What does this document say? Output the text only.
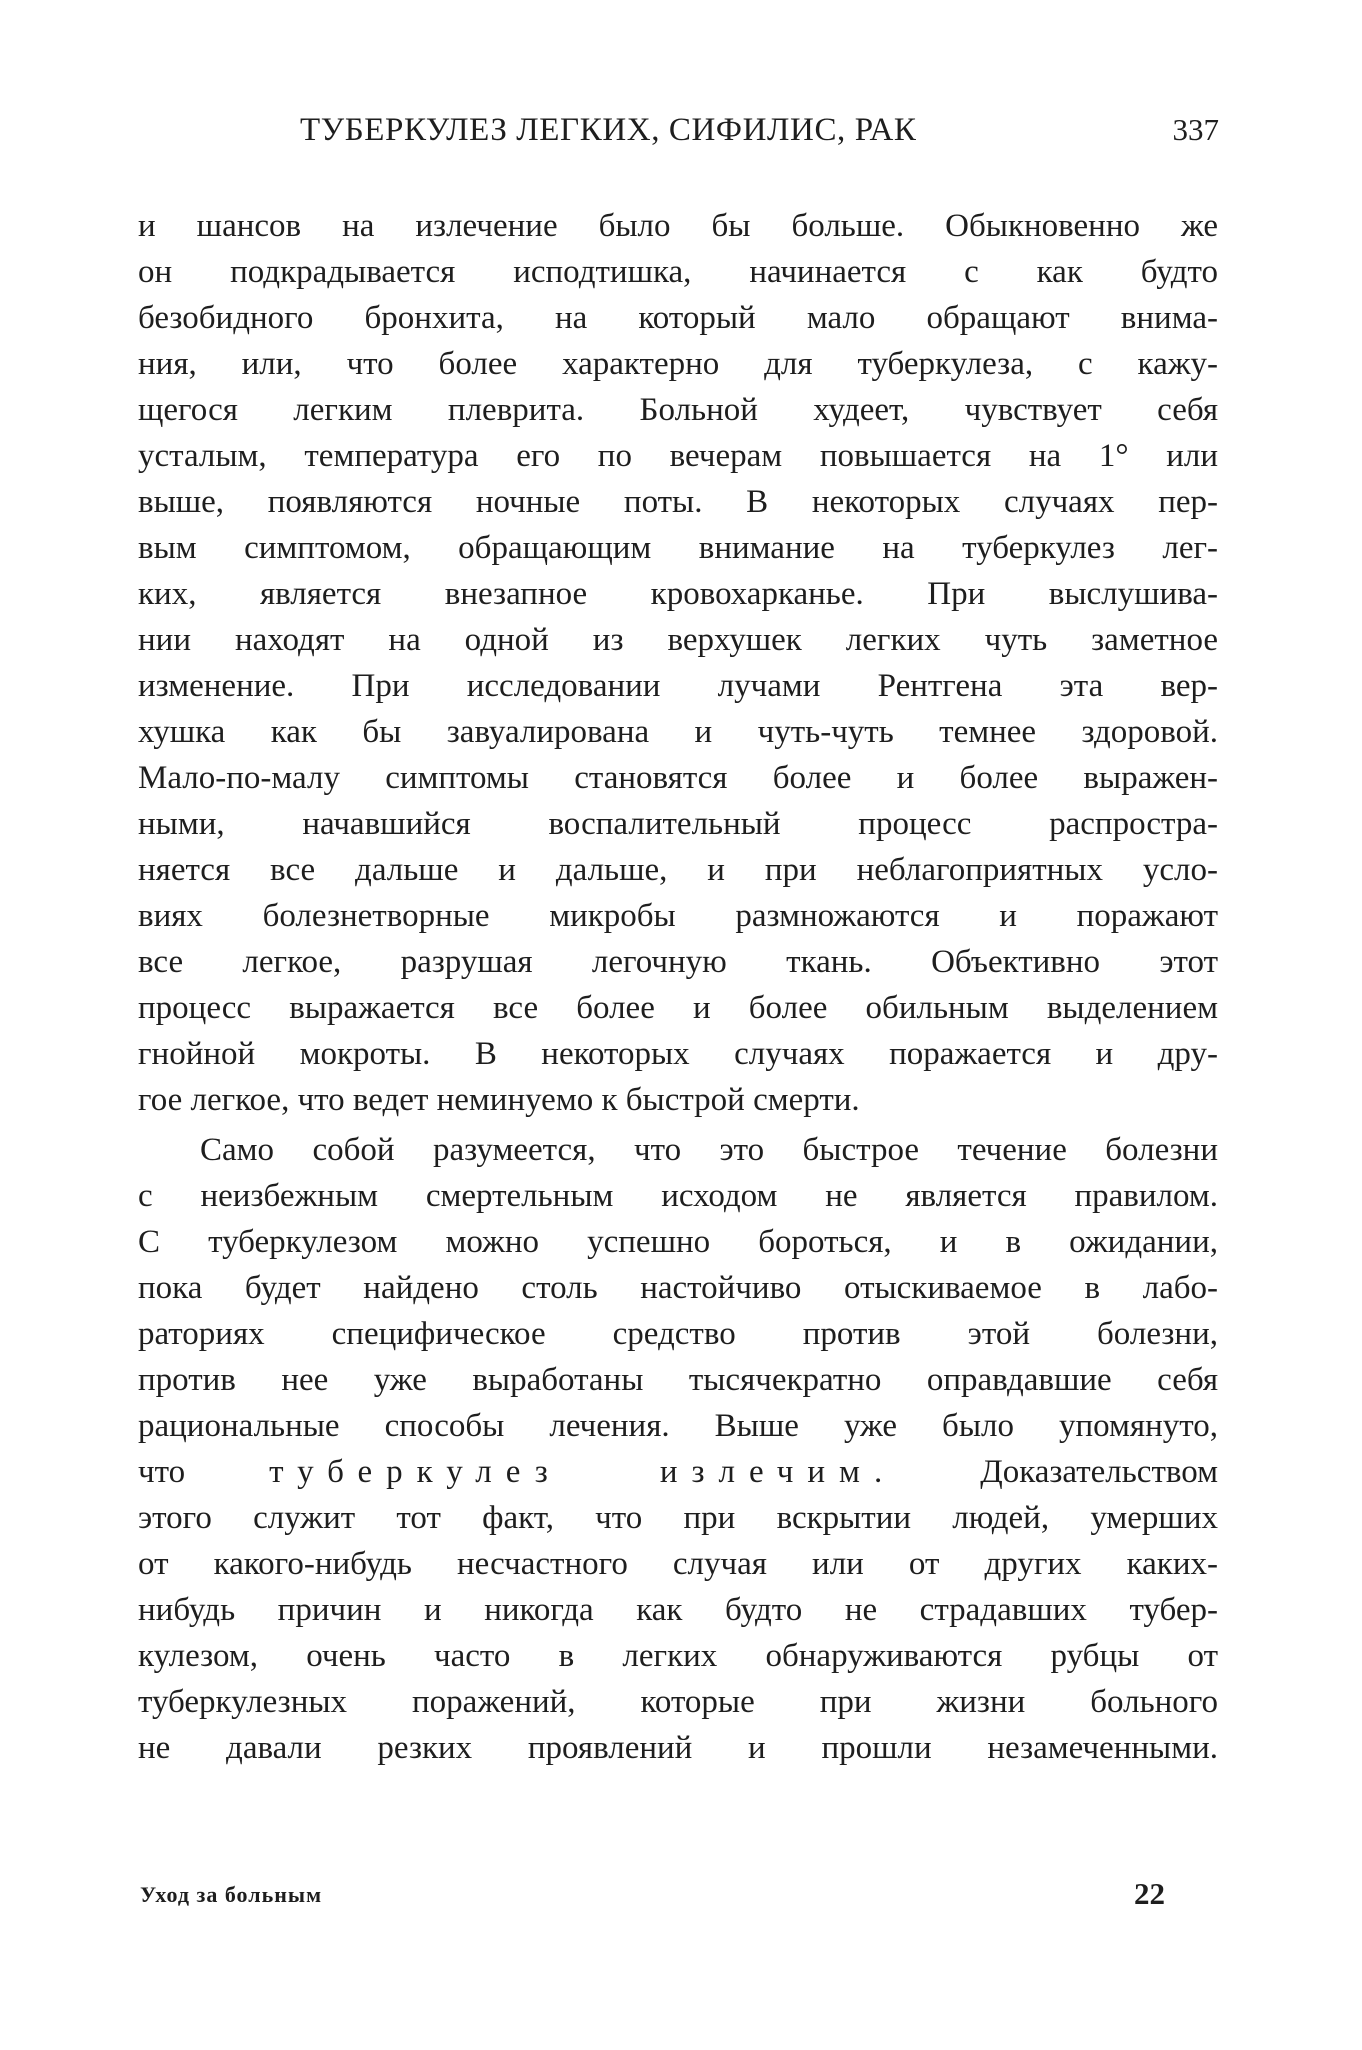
ТУБЕРКУЛЕЗ ЛЕГКИХ, СИФИЛИС, РАК	337
и шансов на излечение было бы больше. Обыкновенно же
он подкрадывается исподтишка, начинается с как будто
безобидного бронхита, на который мало обращают внима-
ния, или, что более характерно для туберкулеза, с кажу-
щегося легким плеврита. Больной худеет, чувствует себя
усталым, температура его по вечерам повышается на 1° или
выше, появляются ночные поты. В некоторых случаях пер-
вым симптомом, обращающим внимание на туберкулез лег-
ких, является внезапное кровохарканье. При выслушива-
нии находят на одной из верхушек легких чуть заметное
изменение. При исследовании лучами Рентгена эта вер-
хушка как бы завуалирована и чуть-чуть темнее здоровой.
Мало-по-малу симптомы становятся более и более выражен-
ными, начавшийся воспалительный процесс распростра-
няется все дальше и дальше, и при неблагоприятных усло-
виях болезнетворные микробы размножаются и поражают
все легкое, разрушая легочную ткань. Объективно этот
процесс выражается все более и более обильным выделением
гнойной мокроты. В некоторых случаях поражается и дру-
гое легкое, что ведет неминуемо к быстрой смерти.
Само собой разумеется, что это быстрое течение болезни
с неизбежным смертельным исходом не является правилом.
С туберкулезом можно успешно бороться, и в ожидании,
пока будет найдено столь настойчиво отыскиваемое в лабо-
раториях специфическое средство против этой болезни,
против нее уже выработаны тысячекратно оправдавшие себя
рациональные способы лечения. Выше уже было упомянуто,
что туберкулез излечим. Доказательством
этого служит тот факт, что при вскрытии людей, умерших
от какого-нибудь несчастного случая или от других каких-
нибудь причин и никогда как будто не страдавших тубер-
кулезом, очень часто в легких обнаруживаются рубцы от
туберкулезных поражений, которые при жизни больного
не давали резких проявлений и прошли незамеченными.
Уход за больным	22
